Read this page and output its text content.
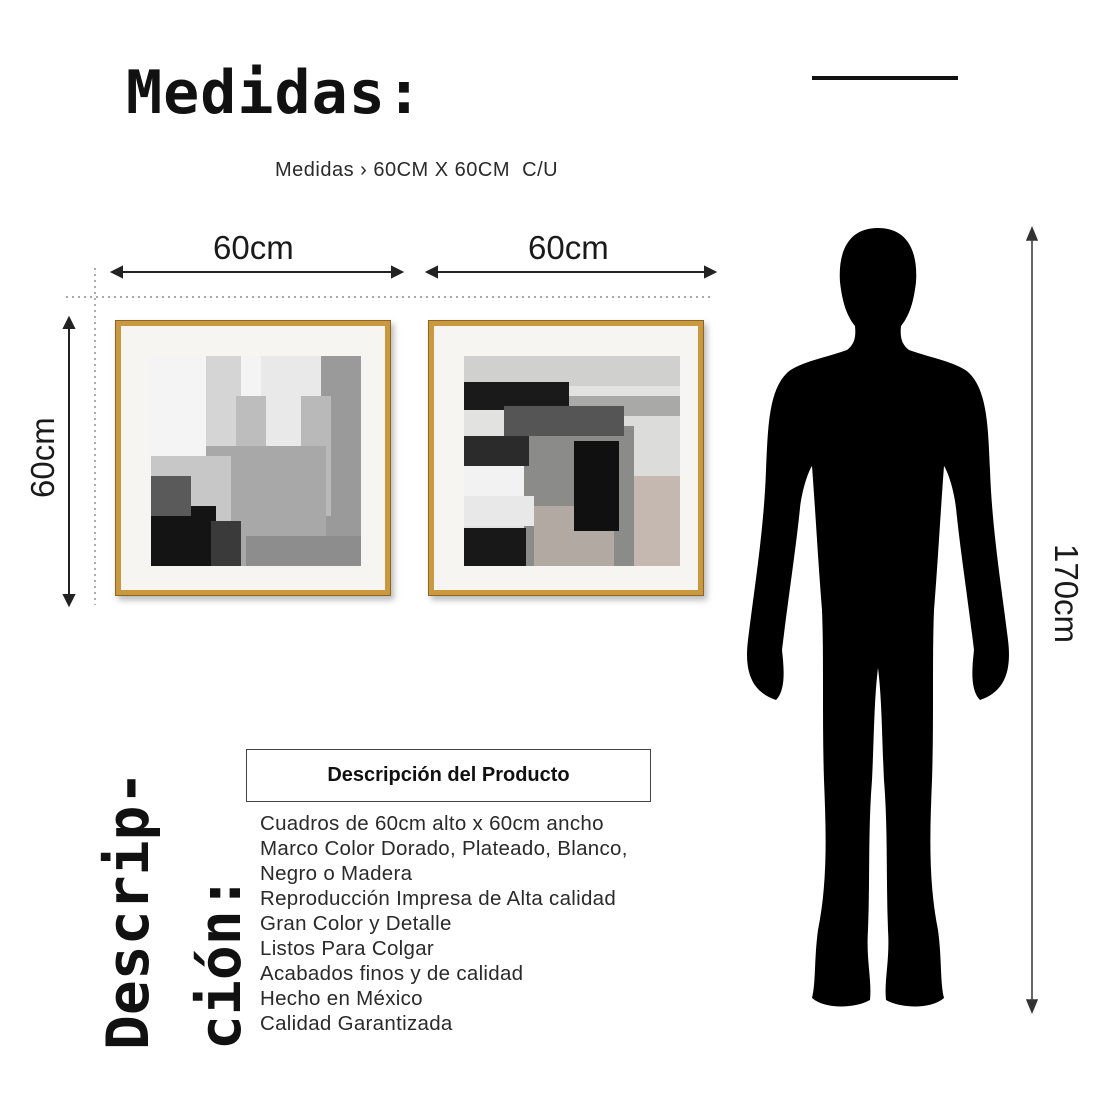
Medidas:
Medidas › 60CM X 60CM  C/U
60cm	60cm
60cm
170cm
Descrip- ción:
Descripción del Producto
Cuadros de 60cm alto x 60cm ancho
Marco Color Dorado, Plateado, Blanco,
Negro o Madera
Reproducción Impresa de Alta calidad
Gran Color y Detalle
Listos Para Colgar
Acabados finos y de calidad
Hecho en México
Calidad Garantizada
